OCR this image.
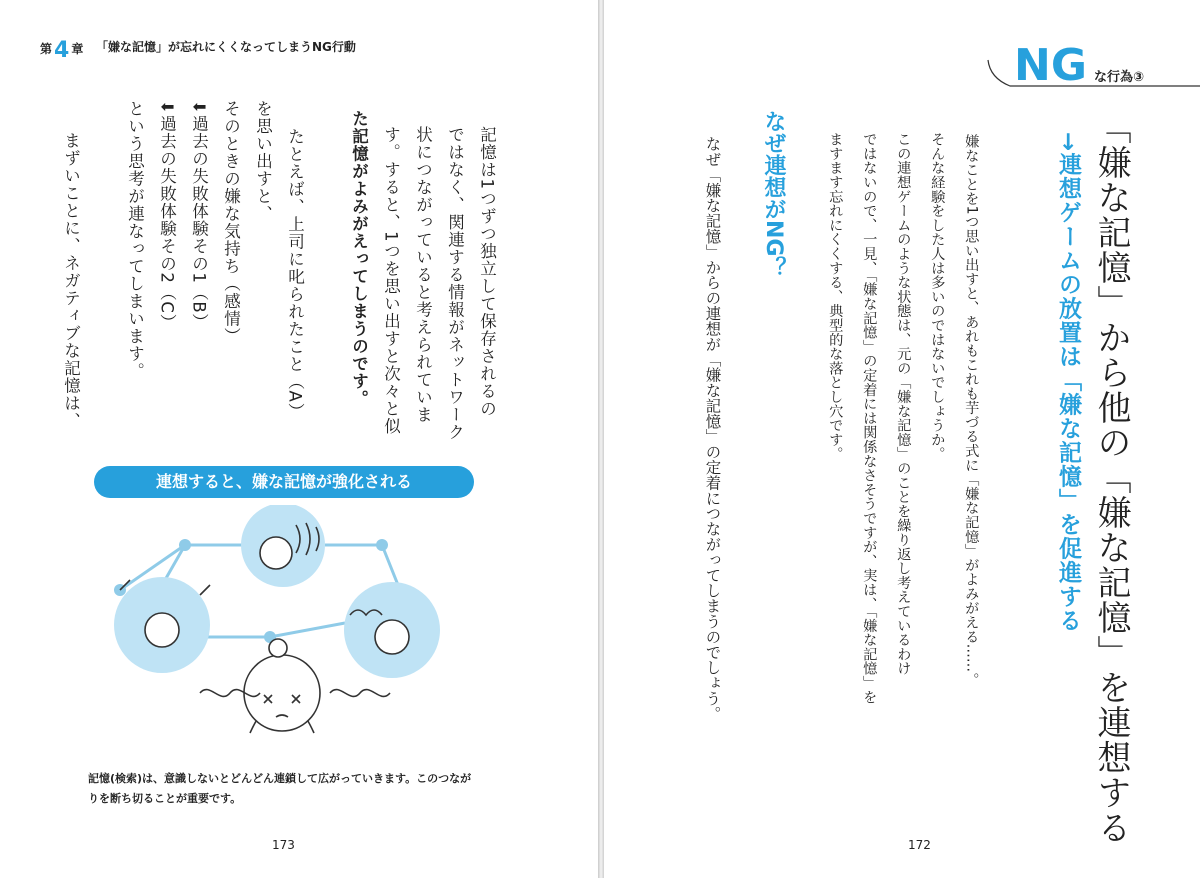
第4 章 「嫌な記憶」が忘れにくくなってしまうNG行動
記憶は1つずつ独立して保存されるの
ではなく、関連する情報がネットワーク
状につながっていると考えられていま
す。すると、1つを思い出すと次々と似
た記憶がよみがえってしまうのです。
たとえば、上司に叱られたこと（A）
を思い出すと、
そのときの嫌な気持ち（感情）
⬇過去の失敗体験その1（B）
⬇過去の失敗体験その2（C）
という思考が連なってしまいます。
まずいことに、ネガティブな記憶は、
連想すると、嫌な記憶が強化される
記憶(検索)は、意識しないとどんどん連鎖して広がっていきます。このつなが
りを断ち切ることが重要です。
173
NG な行為③
「嫌な記憶」から他の「嫌な記憶」を連想する
→連想ゲームの放置は「嫌な記憶」を促進する
嫌なことを1つ思い出すと、あれもこれも芋づる式に「嫌な記憶」がよみがえる……。
そんな経験をした人は多いのではないでしょうか。
この連想ゲームのような状態は、元の「嫌な記憶」のことを繰り返し考えているわけ
ではないので、一見、「嫌な記憶」の定着には関係なさそうですが、実は、「嫌な記憶」を
ますます忘れにくくする、典型的な落とし穴です。
なぜ連想がNG？
なぜ「嫌な記憶」からの連想が「嫌な記憶」の定着につながってしまうのでしょう。
172
